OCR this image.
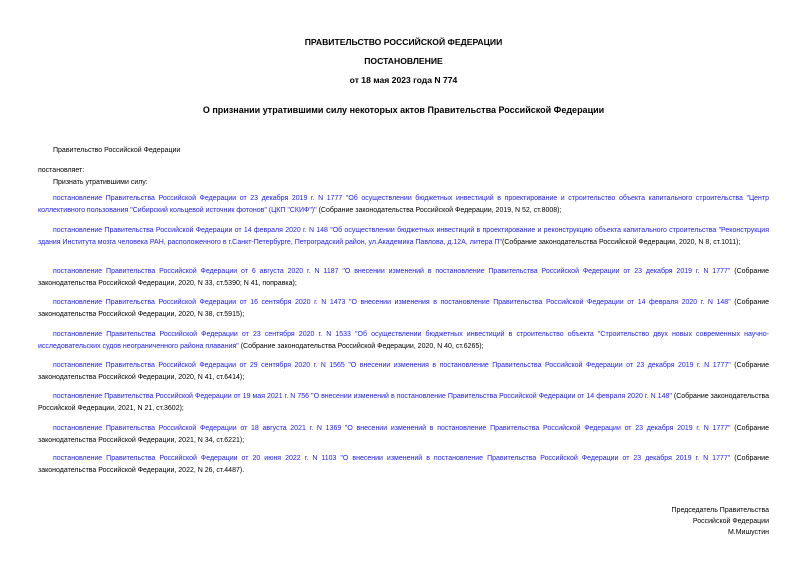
ПРАВИТЕЛЬСТВО РОССИЙСКОЙ ФЕДЕРАЦИИ
ПОСТАНОВЛЕНИЕ
от 18 мая 2023 года N 774
О признании утратившими силу некоторых актов Правительства Российской Федерации
Правительство Российской Федерации
постановляет:
Признать утратившими силу:

постановление Правительства Российской Федерации от 23 декабря 2019 г. N 1777 "Об осуществлении бюджетных инвестиций в проектирование и строительство объекта капитального строительства "Центр коллективного пользования "Сибирский кольцевой источник фотонов" (ЦКП "СКИФ")" (Собрание законодательства Российской Федерации, 2019, N 52, ст.8008);

постановление Правительства Российской Федерации от 14 февраля 2020 г. N 148 "Об осуществлении бюджетных инвестиций в проектирование и реконструкцию объекта капитального строительства "Реконструкция здания Института мозга человека РАН, расположенного в г.Санкт-Петербурге, Петроградский район, ул.Академика Павлова, д.12А, литера П"(Собрание законодательства Российской Федерации, 2020, N 8, ст.1011);

постановление Правительства Российской Федерации от 6 августа 2020 г. N 1187 "О внесении изменений в постановление Правительства Российской Федерации от 23 декабря 2019 г. N 1777" (Собрание законодательства Российской Федерации, 2020, N 33, ст.5390; N 41, поправка);

постановление Правительства Российской Федерации от 16 сентября 2020 г. N 1473 "О внесении изменения в постановление Правительства Российской Федерации от 14 февраля 2020 г. N 148" (Собрание законодательства Российской Федерации, 2020, N 38, ст.5915);

постановление Правительства Российской Федерации от 23 сентября 2020 г. N 1533 "Об осуществлении бюджетных инвестиций в строительство объекта "Строительство двух новых современных научно-исследовательских судов неограниченного района плавания" (Собрание законодательства Российской Федерации, 2020, N 40, ст.6265);

постановление Правительства Российской Федерации от 29 сентября 2020 г. N 1565 "О внесении изменения в постановление Правительства Российской Федерации от 23 декабря 2019 г. N 1777" (Собрание законодательства Российской Федерации, 2020, N 41, ст.6414);

постановление Правительства Российской Федерации от 19 мая 2021 г. N 756 "О внесении изменений в постановление Правительства Российской Федерации от 14 февраля 2020 г. N 148" (Собрание законодательства Российской Федерации, 2021, N 21, ст.3602);

постановление Правительства Российской Федерации от 18 августа 2021 г. N 1369 "О внесении изменений в постановление Правительства Российской Федерации от 23 декабря 2019 г. N 1777" (Собрание законодательства Российской Федерации, 2021, N 34, ст.6221);

постановление Правительства Российской Федерации от 20 июня 2022 г. N 1103 "О внесении изменений в постановление Правительства Российской Федерации от 23 декабря 2019 г. N 1777" (Собрание законодательства Российской Федерации, 2022, N 26, ст.4487).

Председатель Правительства
Российской Федерации
М.Мишустин
